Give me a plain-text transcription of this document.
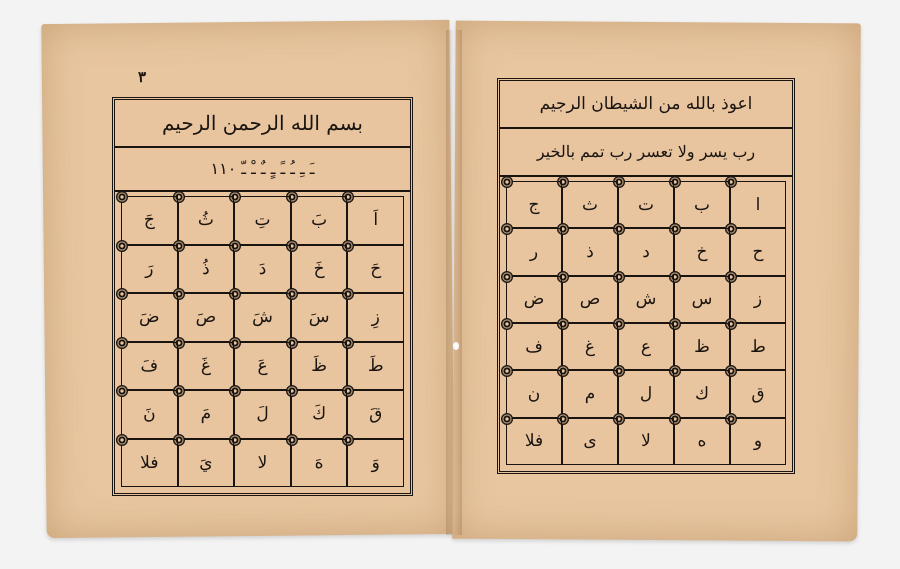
٣
بسم الله الرحمن الرحيم
ـَ ـِ ـُ ـً ـٍ ـٌ ـْ ـّ ١١٠
اَ
بَ
تِ
ثُ
جَ
حَ
خَ
دَ
ذُ
رَ
زِ
سَ
شَ
صَ
ضَ
طَ
ظَ
عَ
غَ
فَ
قَ
كَ
لَ
مَ
نَ
وَ
هَ
لا
يَ
فلا
اعوذ بالله من الشيطان الرجيم
رب يسر ولا تعسر رب تمم بالخير
ا
ب
ت
ث
ج
ح
خ
د
ذ
ر
ز
س
ش
ص
ض
ط
ظ
ع
غ
ف
ق
ك
ل
م
ن
و
ه
لا
ى
فلا
